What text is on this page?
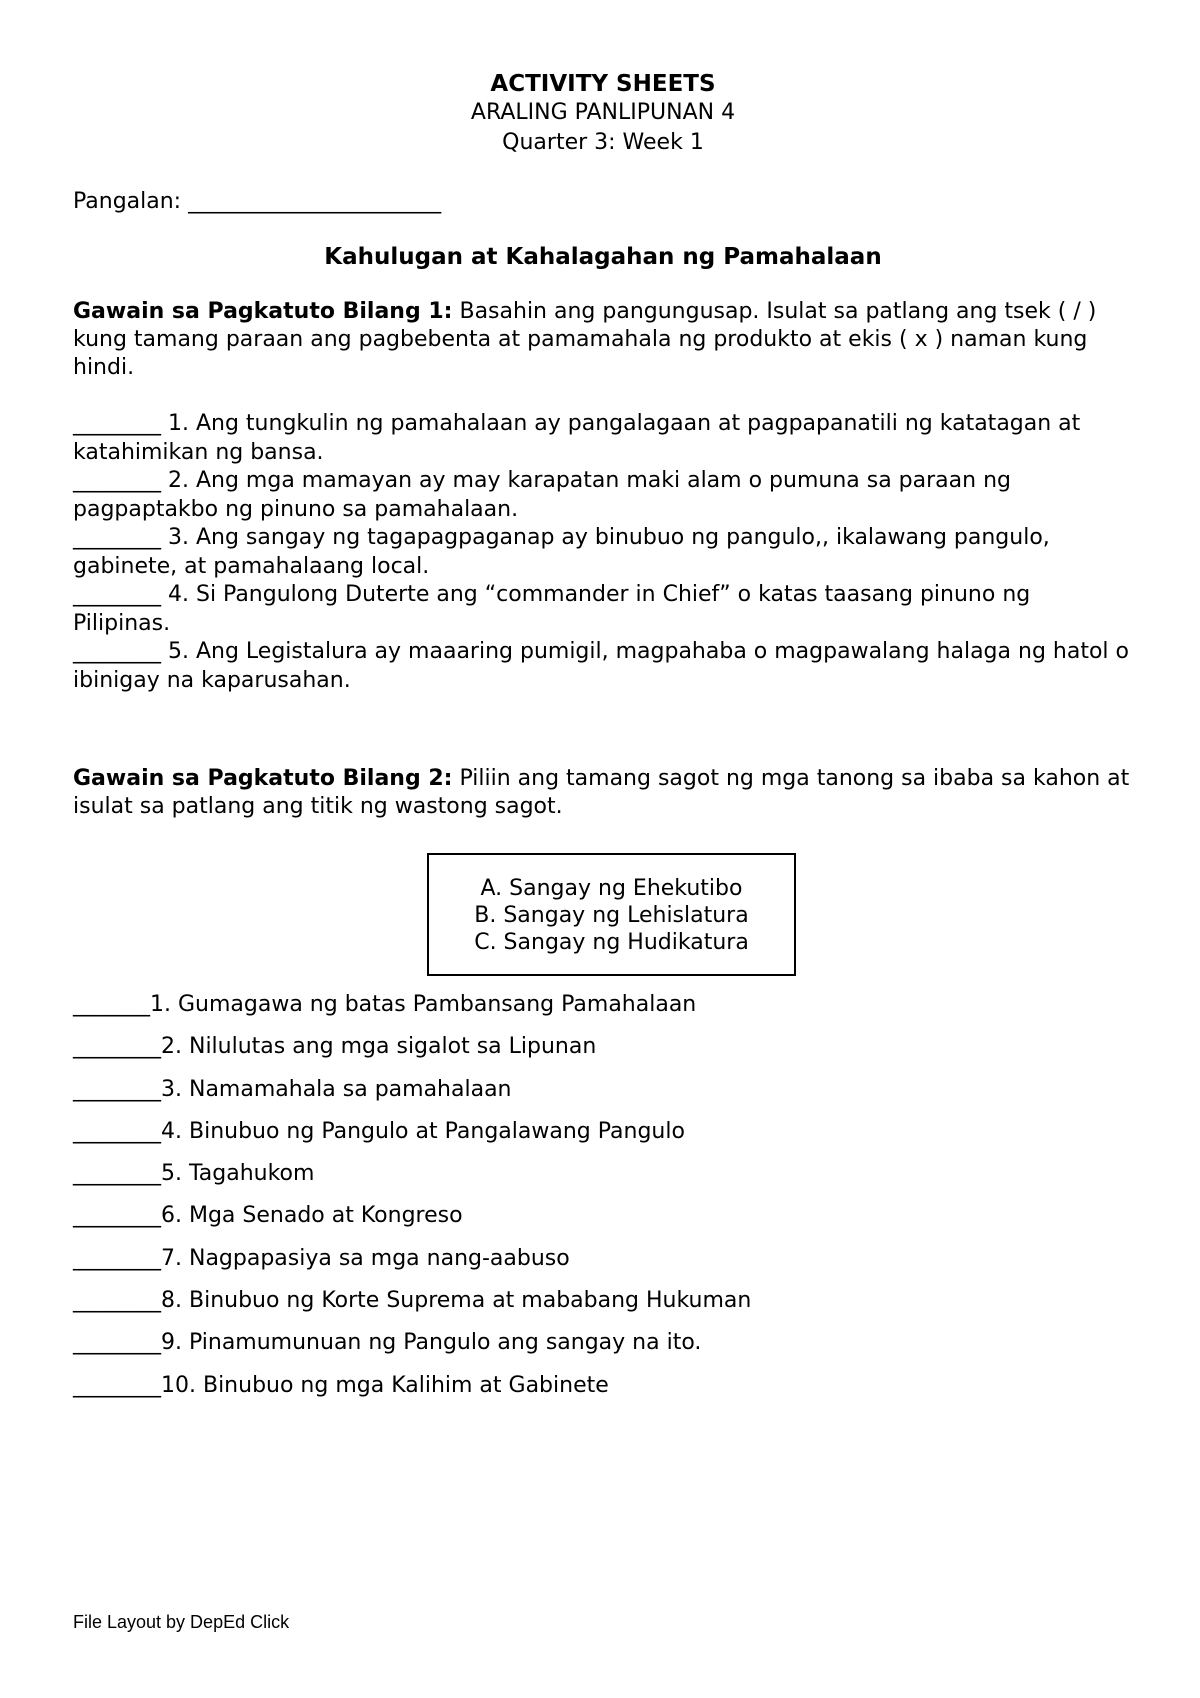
ACTIVITY SHEETS
ARALING PANLIPUNAN 4
Quarter 3: Week 1
Pangalan: _______________________
Kahulugan at Kahalagahan ng Pamahalaan
Gawain sa Pagkatuto Bilang 1: Basahin ang pangungusap. Isulat sa patlang ang tsek ( / ) kung tamang paraan ang pagbebenta at pamamahala ng produkto at ekis ( x ) naman kung hindi.
________ 1. Ang tungkulin ng pamahalaan ay pangalagaan at pagpapanatili ng katatagan at katahimikan ng bansa.
________ 2. Ang mga mamayan ay may karapatan maki alam o pumuna sa paraan ng pagpaptakbo ng pinuno sa pamahalaan.
________ 3. Ang sangay ng tagapagpaganap ay binubuo ng pangulo,, ikalawang pangulo, gabinete, at pamahalaang local.
________ 4. Si Pangulong Duterte ang “commander in Chief” o katas taasang pinuno ng Pilipinas.
________ 5. Ang Legistalura ay maaaring pumigil, magpahaba o magpawalang halaga ng hatol o ibinigay na kaparusahan.
Gawain sa Pagkatuto Bilang 2: Piliin ang tamang sagot ng mga tanong sa ibaba sa kahon at isulat sa patlang ang titik ng wastong sagot.
A. Sangay ng Ehekutibo
B. Sangay ng Lehislatura
C. Sangay ng Hudikatura
_______1. Gumagawa ng batas Pambansang Pamahalaan
________2. Nilulutas ang mga sigalot sa Lipunan
________3. Namamahala sa pamahalaan
________4. Binubuo ng Pangulo at Pangalawang Pangulo
________5. Tagahukom
________6. Mga Senado at Kongreso
________7. Nagpapasiya sa mga nang-aabuso
________8. Binubuo ng Korte Suprema at mababang Hukuman
________9. Pinamumunuan ng Pangulo ang sangay na ito.
________10. Binubuo ng mga Kalihim at Gabinete
File Layout by DepEd Click
